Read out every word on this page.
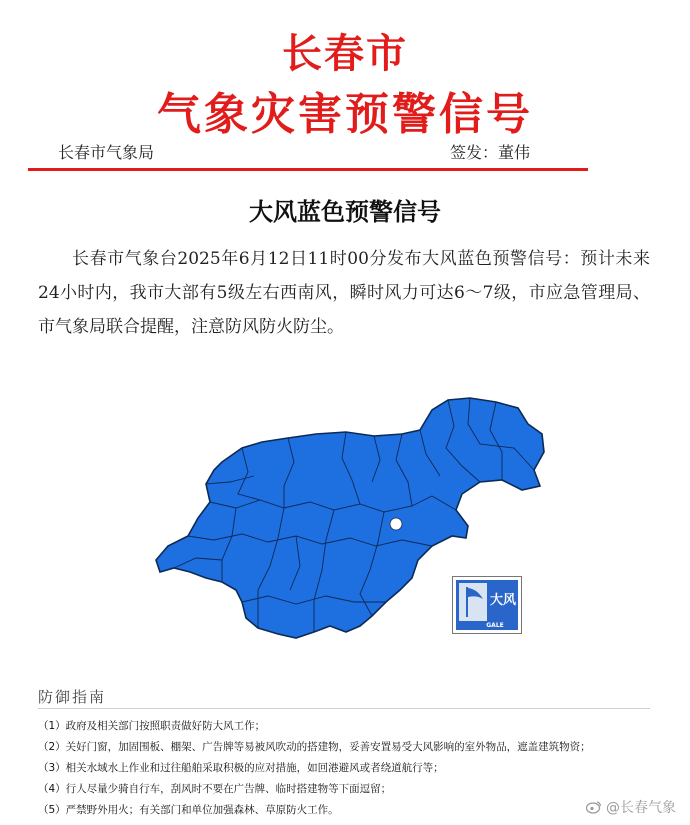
长春市
气象灾害预警信号
长春市气象局	签发：董伟
大风蓝色预警信号
长春市气象台2025年6月12日11时00分发布大风蓝色预警信号：预计未来24小时内，我市大部有5级左右西南风，瞬时风力可达6～7级，市应急管理局、市气象局联合提醒，注意防风防火防尘。
大风
GALE
防御指南
（1）政府及相关部门按照职责做好防大风工作；
（2）关好门窗，加固围板、棚架、广告牌等易被风吹动的搭建物，妥善安置易受大风影响的室外物品，遮盖建筑物资；
（3）相关水域水上作业和过往船舶采取积极的应对措施，如回港避风或者绕道航行等；
（4）行人尽量少骑自行车，刮风时不要在广告牌、临时搭建物等下面逗留；
（5）严禁野外用火；有关部门和单位加强森林、草原防火工作。	@长春气象
